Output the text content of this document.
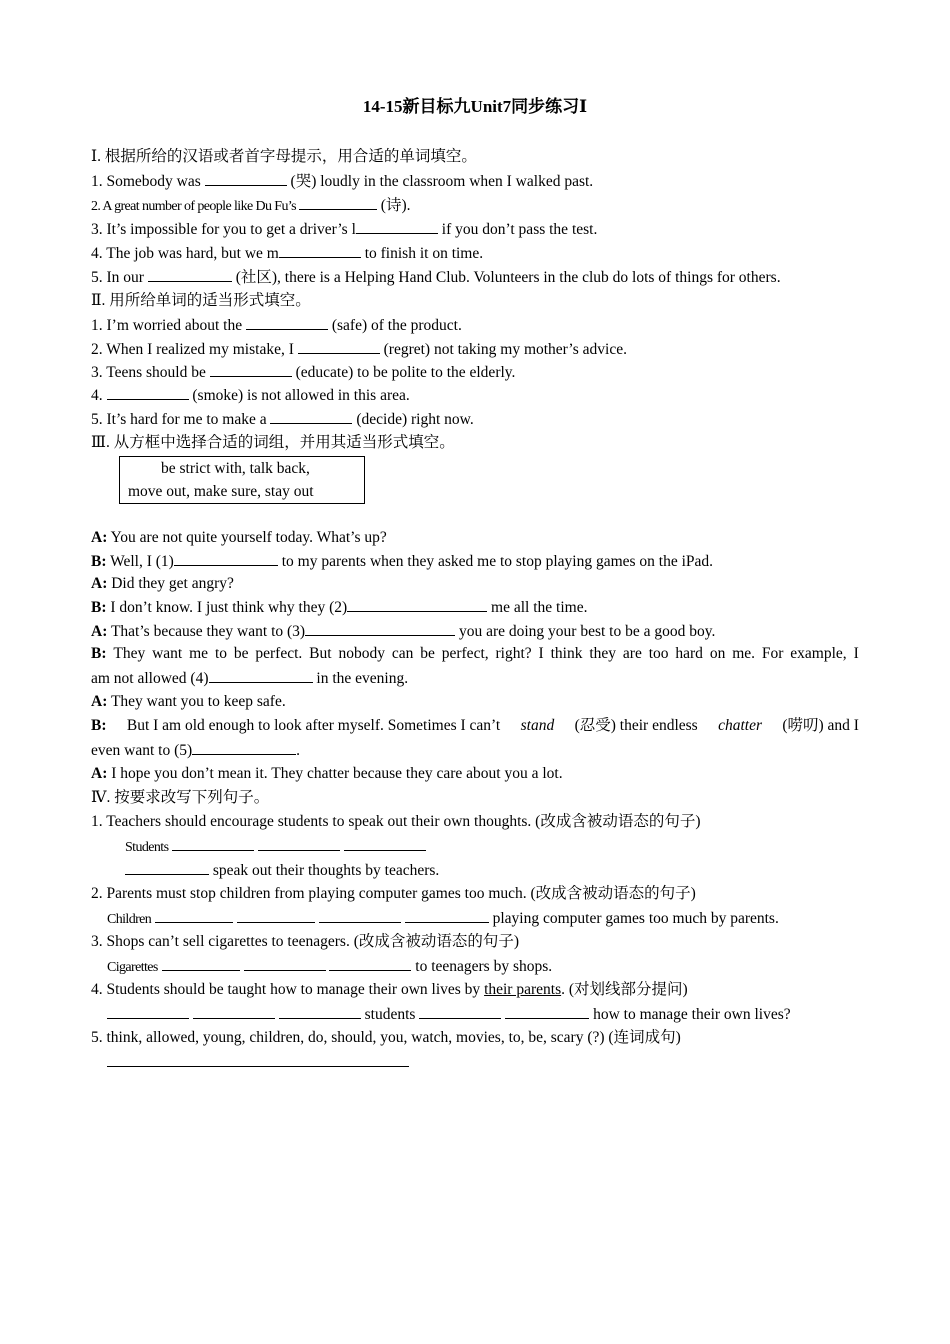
14-15新目标九Unit7同步练习Ⅰ
Ⅰ. 根据所给的汉语或者首字母提示，用合适的单词填空。
1. Somebody was	(哭) loudly in the classroom when I walked past.
2. A great number of people like Du Fu’s	(诗).
3. It’s impossible for you to get a driver’s l	if you don’t pass the test.
4. The job was hard, but we m	to finish it on time.
5. In our	(社区), there is a Helping Hand Club. Volunteers in the club do lots of things for others.
Ⅱ. 用所给单词的适当形式填空。
1. I’m worried about the	(safe) of the product.
2. When I realized my mistake, I	(regret) not taking my mother’s advice.
3. Teens should be	(educate) to be polite to the elderly.
4.	(smoke) is not allowed in this area.
5. It’s hard for me to make a	(decide) right now.
Ⅲ. 从方框中选择合适的词组，并用其适当形式填空。
be strict with, talk back,
move out, make sure, stay out
A: You are not quite yourself today. What’s up?
B: Well, I (1)	to my parents when they asked me to stop playing games on the iPad.
A: Did they get angry?
B: I don’t know. I just think why they (2)	me all the time.
A: That’s because they want to (3)	you are doing your best to be a good boy.
B: They want me to be perfect. But nobody can be perfect, right? I think they are too hard on me. For example, I
am not allowed (4)	in the evening.
A: They want you to keep safe.
B: But I am old enough to look after myself. Sometimes I can’t stand (忍受) their endless chatter (唠叨) and I
even want to (5)	.
A: I hope you don’t mean it. They chatter because they care about you a lot.
Ⅳ. 按要求改写下列句子。
1. Teachers should encourage students to speak out their own thoughts. (改成含被动语态的句子)
Students
speak out their thoughts by teachers.
2. Parents must stop children from playing computer games too much. (改成含被动语态的句子)
Children	playing computer games too much by parents.
3. Shops can’t sell cigarettes to teenagers. (改成含被动语态的句子)
Cigarettes	to teenagers by shops.
4. Students should be taught how to manage their own lives by their parents. (对划线部分提问)
students	how to manage their own lives?
5. think, allowed, young, children, do, should, you, watch, movies, to, be, scary (?) (连词成句)
